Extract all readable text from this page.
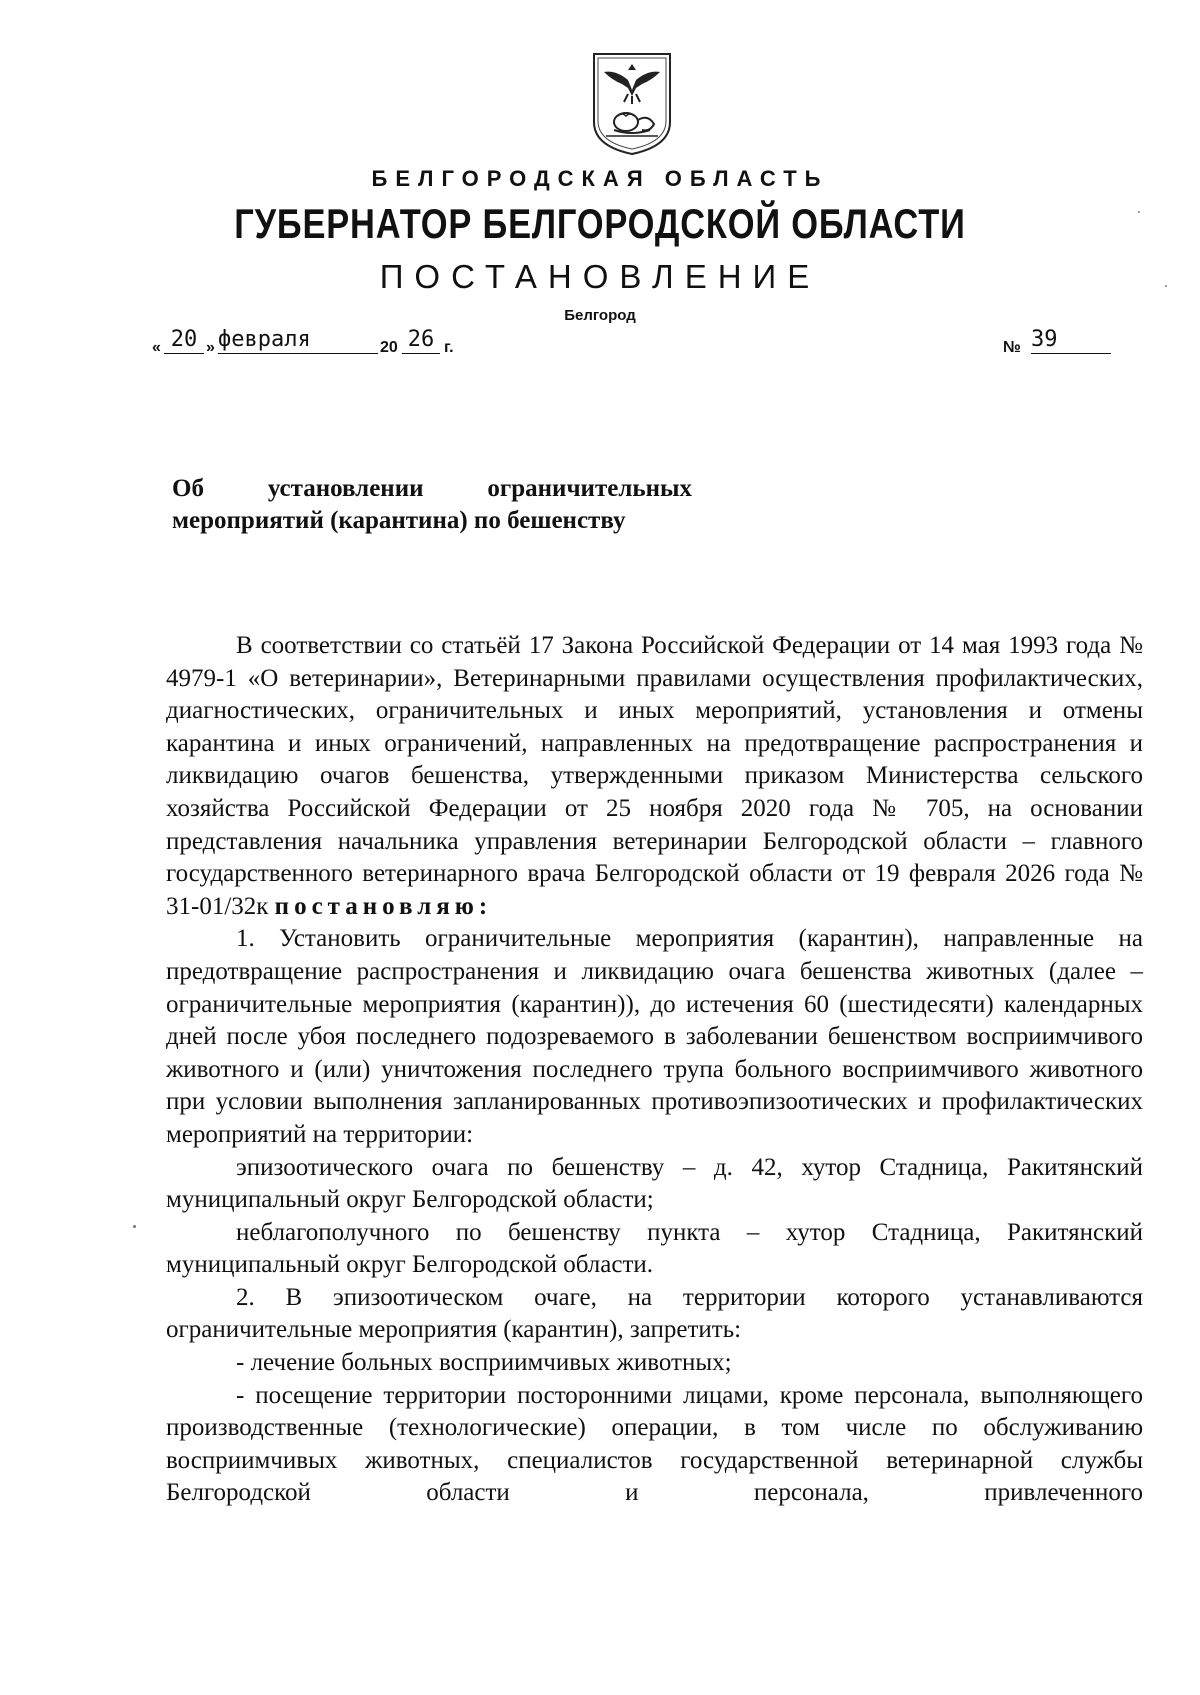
БЕЛГОРОДСКАЯ ОБЛАСТЬ
ГУБЕРНАТОР БЕЛГОРОДСКОЙ ОБЛАСТИ
ПОСТАНОВЛЕНИЕ
Белгород
« 20 » февраля	20 26 г.	№ 39
Об	установлении	ограничительных
мероприятий (карантина) по бешенству

В соответствии со статьёй 17 Закона Российской Федерации от 14 мая 1993 года № 4979-1 «О ветеринарии», Ветеринарными правилами осуществления профилактических, диагностических, ограничительных и иных мероприятий, установления и отмены карантина и иных ограничений, направленных на предотвращение распространения и ликвидацию очагов бешенства, утвержденными приказом Министерства сельского хозяйства Российской Федерации от 25 ноября 2020 года № 705, на основании представления начальника управления ветеринарии Белгородской области – главного государственного ветеринарного врача Белгородской области от 19 февраля 2026 года № 31-01/32к постановляю:

1. Установить ограничительные мероприятия (карантин), направленные на предотвращение распространения и ликвидацию очага бешенства животных (далее – ограничительные мероприятия (карантин)), до истечения 60 (шестидесяти) календарных дней после убоя последнего подозреваемого в заболевании бешенством восприимчивого животного и (или) уничтожения последнего трупа больного восприимчивого животного при условии выполнения запланированных противоэпизоотических и профилактических мероприятий на территории:

эпизоотического очага по бешенству – д. 42, хутор Стадница, Ракитянский муниципальный округ Белгородской области;

неблагополучного по бешенству пункта – хутор Стадница, Ракитянский муниципальный округ Белгородской области.

2. В эпизоотическом очаге, на территории которого устанавливаются ограничительные мероприятия (карантин), запретить:

- лечение больных восприимчивых животных;

- посещение территории посторонними лицами, кроме персонала, выполняющего производственные (технологические) операции, в том числе по обслуживанию восприимчивых животных, специалистов государственной ветеринарной службы Белгородской области и персонала, привлеченного
